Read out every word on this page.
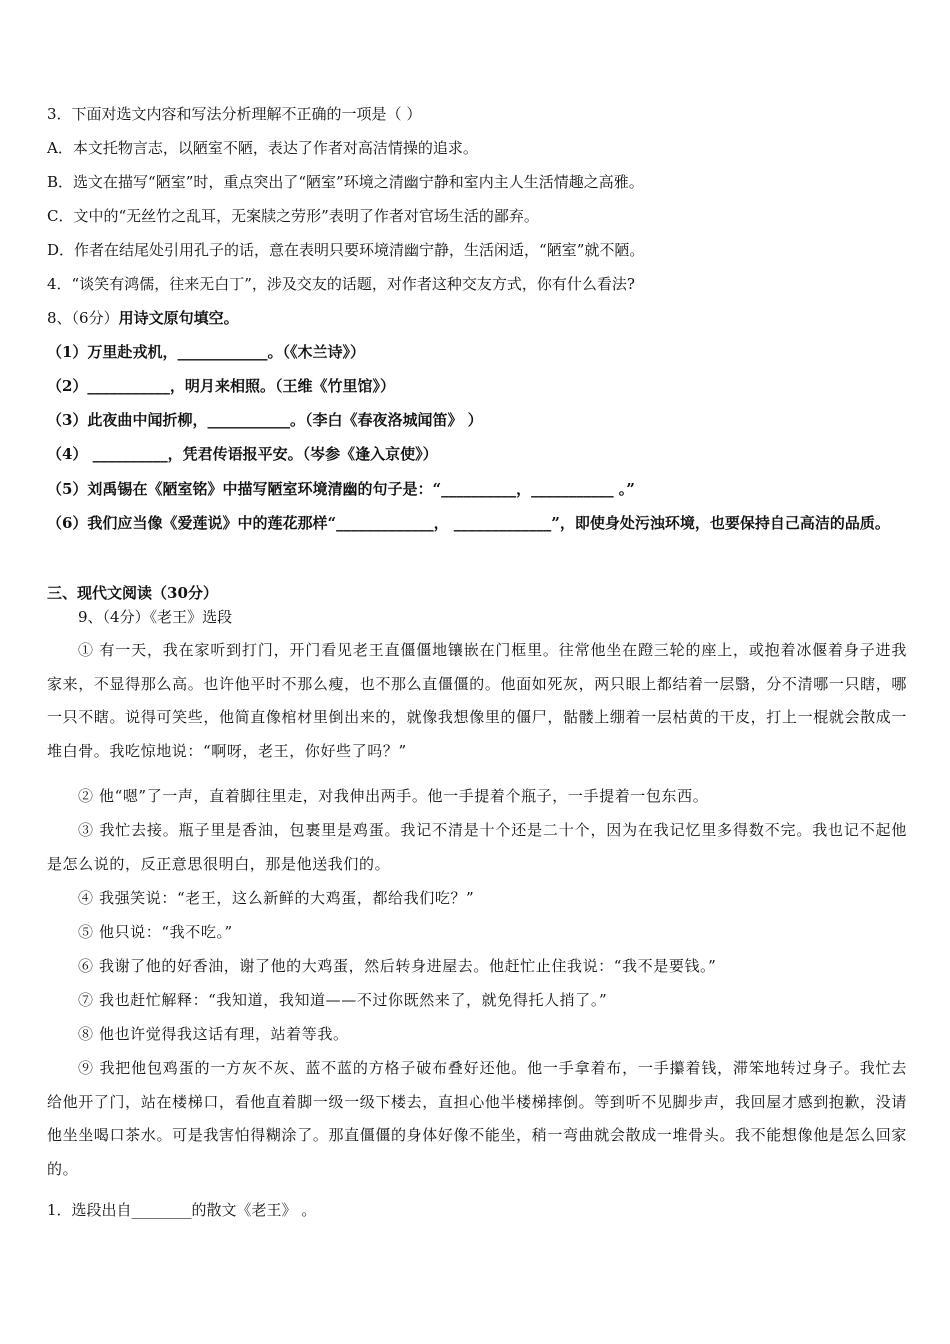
3．下面对选文内容和写法分析理解不正确的一项是（ ）
A．本文托物言志，以陋室不陋，表达了作者对高洁情操的追求。
B．选文在描写“陋室”时，重点突出了“陋室”环境之清幽宁静和室内主人生活情趣之高雅。
C．文中的“无丝竹之乱耳，无案牍之劳形”表明了作者对官场生活的鄙弃。
D．作者在结尾处引用孔子的话，意在表明只要环境清幽宁静，生活闲适，“陋室”就不陋。
4．“谈笑有鸿儒，往来无白丁”，涉及交友的话题，对作者这种交友方式，你有什么看法?
8、（6分）用诗文原句填空。
（1）万里赴戎机，____________。（《木兰诗》）
（2）___________，明月来相照。（王维《竹里馆》）
（3）此夜曲中闻折柳，___________。（李白《春夜洛城闻笛》 ）
（4） __________，凭君传语报平安。（岑参《逢入京使》）
（5）刘禹锡在《陋室铭》中描写陋室环境清幽的句子是：“__________，___________ 。”
（6）我们应当像《爱莲说》中的莲花那样“_____________， _____________”，即使身处污浊环境，也要保持自己高洁的品质。
三、现代文阅读（30分）
9、（4分）《老王》选段
① 有一天，我在家听到打门，开门看见老王直僵僵地镶嵌在门框里。往常他坐在蹬三轮的座上，或抱着冰偃着身子进我家来，不显得那么高。也许他平时不那么瘦，也不那么直僵僵的。他面如死灰，两只眼上都结着一层翳，分不清哪一只瞎，哪一只不瞎。说得可笑些，他简直像棺材里倒出来的，就像我想像里的僵尸，骷髅上绷着一层枯黄的干皮，打上一棍就会散成一堆白骨。我吃惊地说：“啊呀，老王，你好些了吗？”
② 他“嗯”了一声，直着脚往里走，对我伸出两手。他一手提着个瓶子，一手提着一包东西。
③ 我忙去接。瓶子里是香油，包裹里是鸡蛋。我记不清是十个还是二十个，因为在我记忆里多得数不完。我也记不起他是怎么说的，反正意思很明白，那是他送我们的。
④ 我强笑说：“老王，这么新鲜的大鸡蛋，都给我们吃？”
⑤ 他只说：“我不吃。”
⑥ 我谢了他的好香油，谢了他的大鸡蛋，然后转身进屋去。他赶忙止住我说：“我不是要钱。”
⑦ 我也赶忙解释：“我知道，我知道——不过你既然来了，就免得托人捎了。”
⑧ 他也许觉得我这话有理，站着等我。
⑨ 我把他包鸡蛋的一方灰不灰、蓝不蓝的方格子破布叠好还他。他一手拿着布，一手攥着钱，滞笨地转过身子。我忙去给他开了门，站在楼梯口，看他直着脚一级一级下楼去，直担心他半楼梯摔倒。等到听不见脚步声，我回屋才感到抱歉，没请他坐坐喝口茶水。可是我害怕得糊涂了。那直僵僵的身体好像不能坐，稍一弯曲就会散成一堆骨头。我不能想像他是怎么回家的。
1．选段出自________的散文《老王》 。
